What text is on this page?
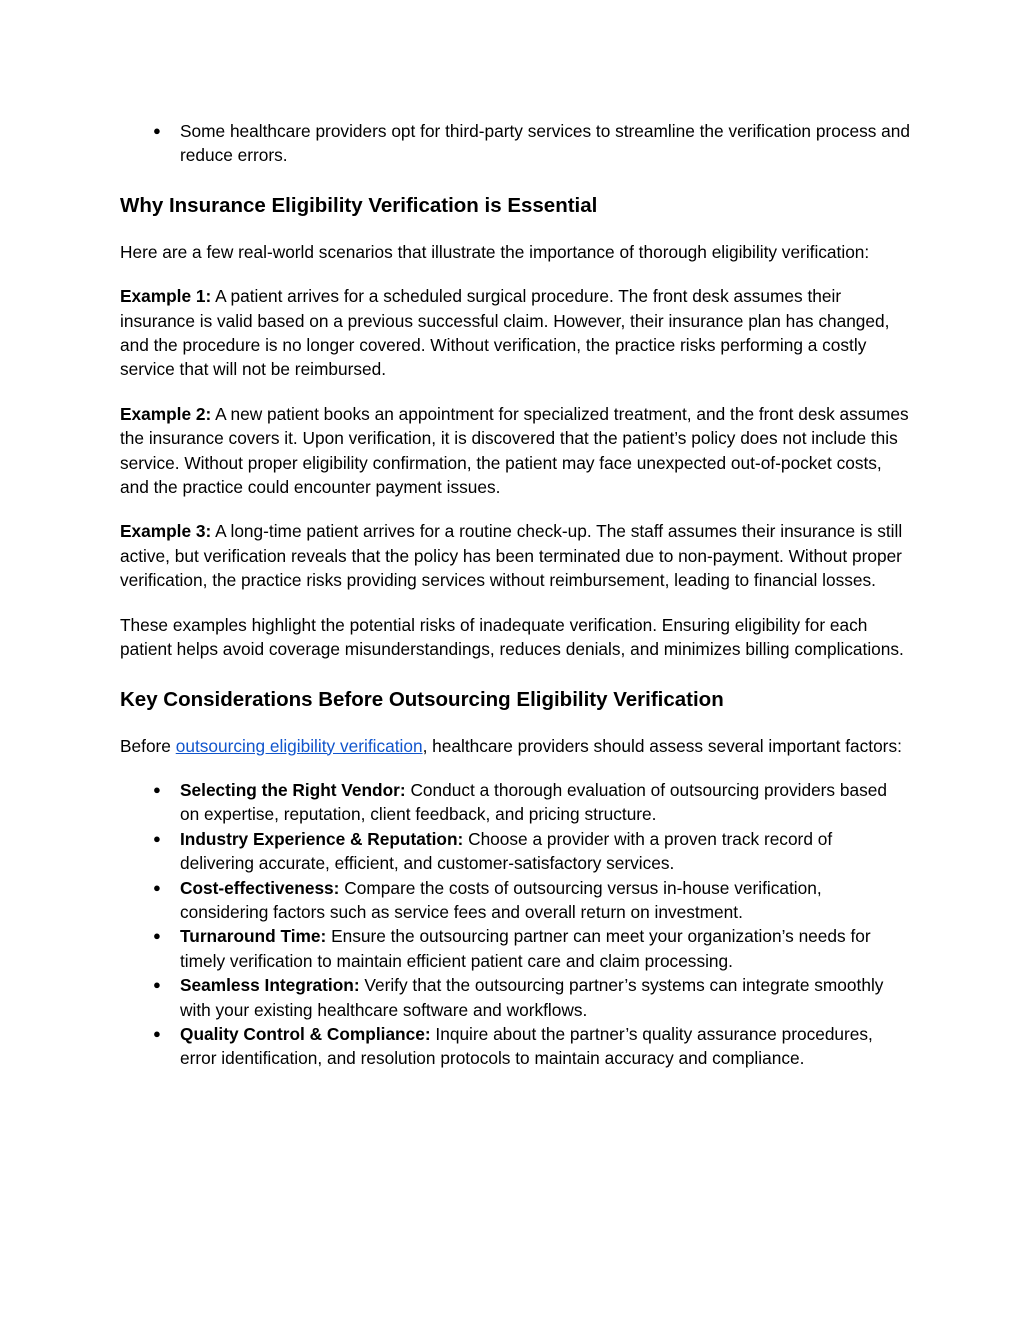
● Some healthcare providers opt for third-party services to streamline the verification process and reduce errors.
Why Insurance Eligibility Verification is Essential

Here are a few real-world scenarios that illustrate the importance of thorough eligibility verification:

Example 1: A patient arrives for a scheduled surgical procedure. The front desk assumes their insurance is valid based on a previous successful claim. However, their insurance plan has changed, and the procedure is no longer covered. Without verification, the practice risks performing a costly service that will not be reimbursed.

Example 2: A new patient books an appointment for specialized treatment, and the front desk assumes the insurance covers it. Upon verification, it is discovered that the patient’s policy does not include this service. Without proper eligibility confirmation, the patient may face unexpected out-of-pocket costs, and the practice could encounter payment issues.

Example 3: A long-time patient arrives for a routine check-up. The staff assumes their insurance is still active, but verification reveals that the policy has been terminated due to non-payment. Without proper verification, the practice risks providing services without reimbursement, leading to financial losses.

These examples highlight the potential risks of inadequate verification. Ensuring eligibility for each patient helps avoid coverage misunderstandings, reduces denials, and minimizes billing complications.

Key Considerations Before Outsourcing Eligibility Verification

Before outsourcing eligibility verification, healthcare providers should assess several important factors:

● Selecting the Right Vendor: Conduct a thorough evaluation of outsourcing providers based on expertise, reputation, client feedback, and pricing structure.
● Industry Experience & Reputation: Choose a provider with a proven track record of delivering accurate, efficient, and customer-satisfactory services.
● Cost-effectiveness: Compare the costs of outsourcing versus in-house verification, considering factors such as service fees and overall return on investment.
● Turnaround Time: Ensure the outsourcing partner can meet your organization’s needs for timely verification to maintain efficient patient care and claim processing.
● Seamless Integration: Verify that the outsourcing partner’s systems can integrate smoothly with your existing healthcare software and workflows.
● Quality Control & Compliance: Inquire about the partner’s quality assurance procedures, error identification, and resolution protocols to maintain accuracy and compliance.
